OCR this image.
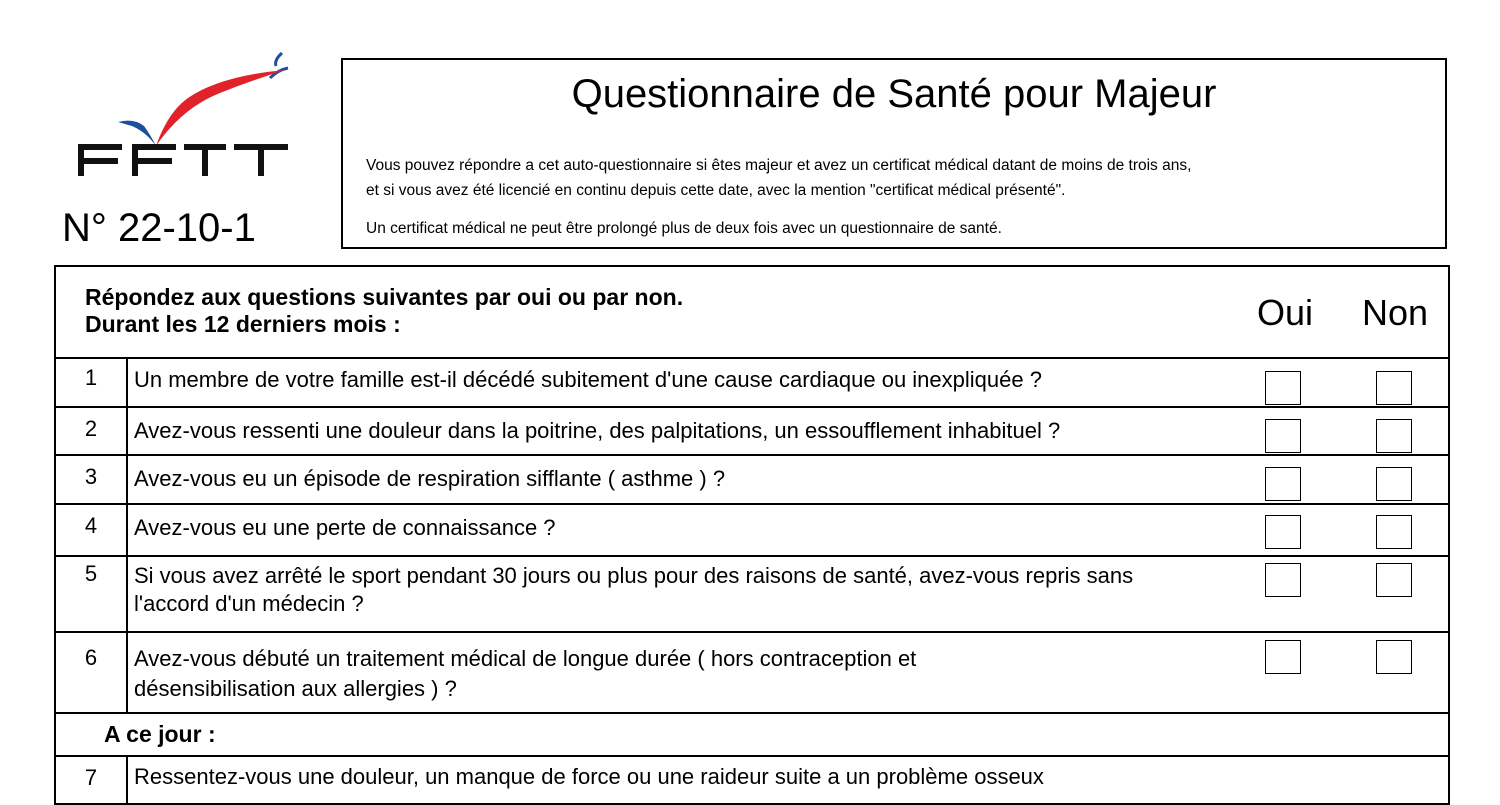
N° 22-10-1
Questionnaire de Santé pour Majeur

Vous pouvez répondre a cet auto-questionnaire si êtes majeur et avez un certificat médical datant de moins de trois ans,

et si vous avez été licencié en continu depuis cette date, avec la mention "certificat médical présenté".

Un certificat médical ne peut être prolongé plus de deux fois avec un questionnaire de santé.

Répondez aux questions suivantes par oui ou par non.
Durant les 12 derniers mois :	Oui	Non
1	Un membre de votre famille est-il décédé subitement d'une cause cardiaque ou inexpliquée ?
2	Avez-vous ressenti une douleur dans la poitrine, des palpitations, un essoufflement inhabituel ?
3	Avez-vous eu un épisode de respiration sifflante ( asthme ) ?
4	Avez-vous eu une perte de connaissance ?
5	Si vous avez arrêté le sport pendant 30 jours ou plus pour des raisons de santé, avez-vous repris sans l'accord d'un médecin ?
6	Avez-vous débuté un traitement médical de longue durée ( hors contraception et désensibilisation aux allergies ) ?
A ce jour :
7	Ressentez-vous une douleur, un manque de force ou une raideur suite a un problème osseux
